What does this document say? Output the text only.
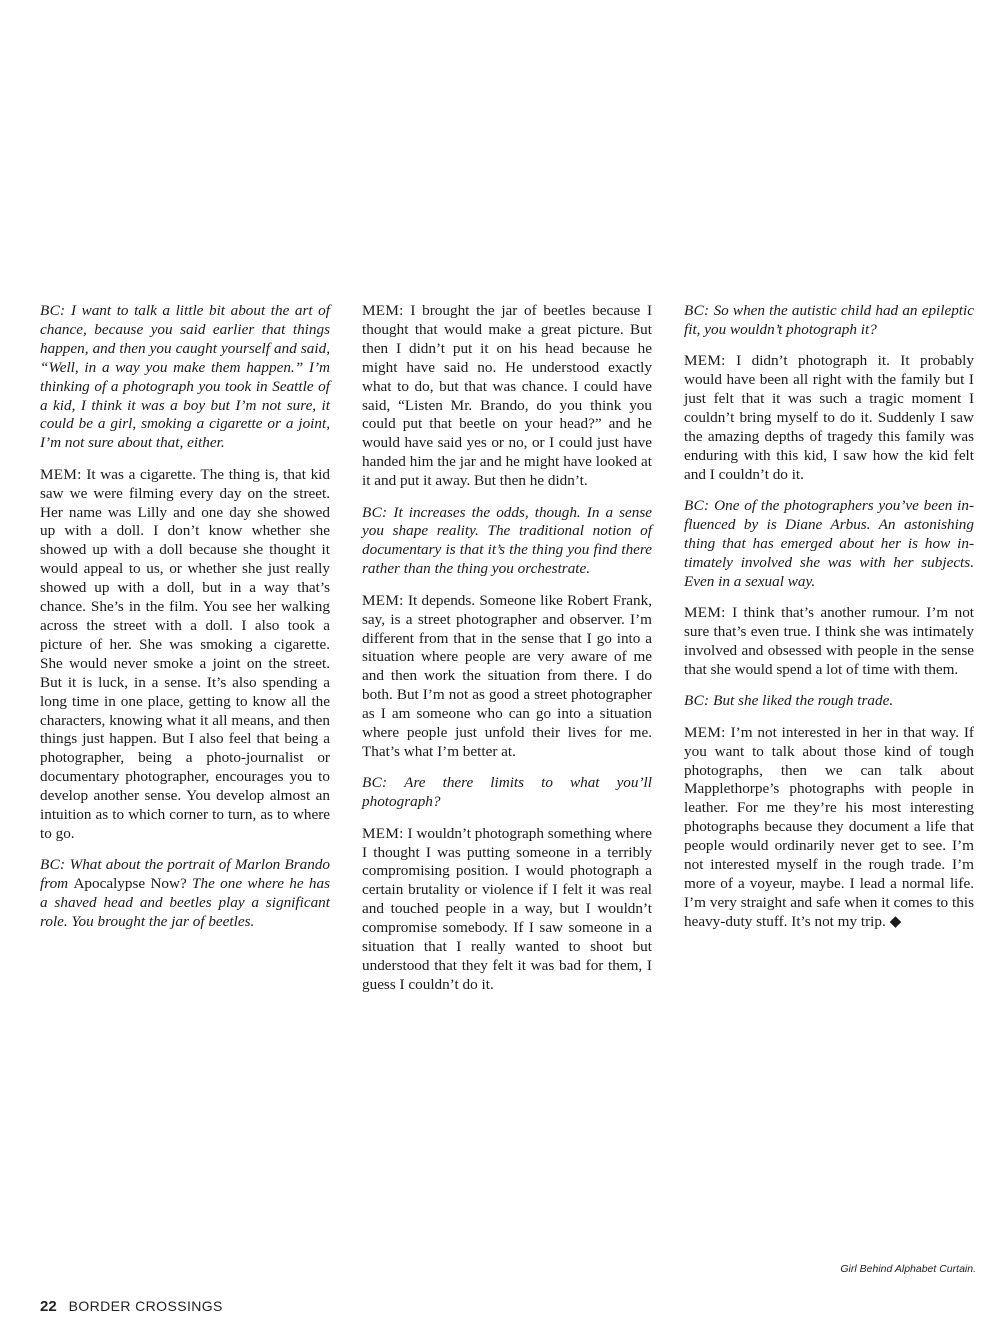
BC: I want to talk a little bit about the art of chance, because you said earlier that things happen, and then you caught yourself and said, “Well, in a way you make them happen.” I’m thinking of a photograph you took in Seattle of a kid, I think it was a boy but I’m not sure, it could be a girl, smoking a cigarette or a joint, I’m not sure about that, either.

MEM: It was a cigarette. The thing is, that kid saw we were filming every day on the street. Her name was Lilly and one day she showed up with a doll. I don’t know whether she showed up with a doll because she thought it would appeal to us, or whether she just really showed up with a doll, but in a way that’s chance. She’s in the film. You see her walking across the street with a doll. I also took a picture of her. She was smoking a cigarette. She would never smoke a joint on the street. But it is luck, in a sense. It’s also spending a long time in one place, getting to know all the characters, knowing what it all means, and then things just happen. But I also feel that being a photographer, being a photo-journalist or documentary photographer, encourages you to develop another sense. You develop almost an intuition as to which corner to turn, as to where to go.

BC: What about the portrait of Marlon Brando from Apocalypse Now? The one where he has a shaved head and beetles play a significant role. You brought the jar of beetles.

MEM: I brought the jar of beetles because I thought that would make a great picture. But then I didn’t put it on his head because he might have said no. He understood exactly what to do, but that was chance. I could have said, “Listen Mr. Brando, do you think you could put that beetle on your head?” and he would have said yes or no, or I could just have handed him the jar and he might have looked at it and put it away. But then he didn’t.

BC: It increases the odds, though. In a sense you shape reality. The traditional notion of documentary is that it’s the thing you find there rather than the thing you orchestrate.

MEM: It depends. Someone like Robert Frank, say, is a street photographer and observer. I’m different from that in the sense that I go into a situation where people are very aware of me and then work the situation from there. I do both. But I’m not as good a street photographer as I am someone who can go into a situation where people just unfold their lives for me. That’s what I’m better at.

BC: Are there limits to what you’ll photograph?

MEM: I wouldn’t photograph something where I thought I was putting someone in a terribly compromising position. I would photograph a certain brutality or violence if I felt it was real and touched people in a way, but I wouldn’t compromise somebody. If I saw someone in a situation that I really wanted to shoot but understood that they felt it was bad for them, I guess I couldn’t do it.

BC: So when the autistic child had an epileptic fit, you wouldn’t photograph it?

MEM: I didn’t photograph it. It probably would have been all right with the family but I just felt that it was such a tragic moment I couldn’t bring myself to do it. Suddenly I saw the amazing depths of tragedy this family was enduring with this kid, I saw how the kid felt and I couldn’t do it.

BC: One of the photographers you’ve been influenced by is Diane Arbus. An astonishing thing that has emerged about her is how intimately involved she was with her subjects. Even in a sexual way.

MEM: I think that’s another rumour. I’m not sure that’s even true. I think she was intimately involved and obsessed with people in the sense that she would spend a lot of time with them.

BC: But she liked the rough trade.

MEM: I’m not interested in her in that way. If you want to talk about those kind of tough photographs, then we can talk about Mapplethorpe’s photographs with people in leather. For me they’re his most interesting photographs because they document a life that people would ordinarily never get to see. I’m not interested myself in the rough trade. I’m more of a voyeur, maybe. I lead a normal life. I’m very straight and safe when it comes to this heavy-duty stuff. It’s not my trip. ◆

Girl Behind Alphabet Curtain.
22 BORDER CROSSINGS
